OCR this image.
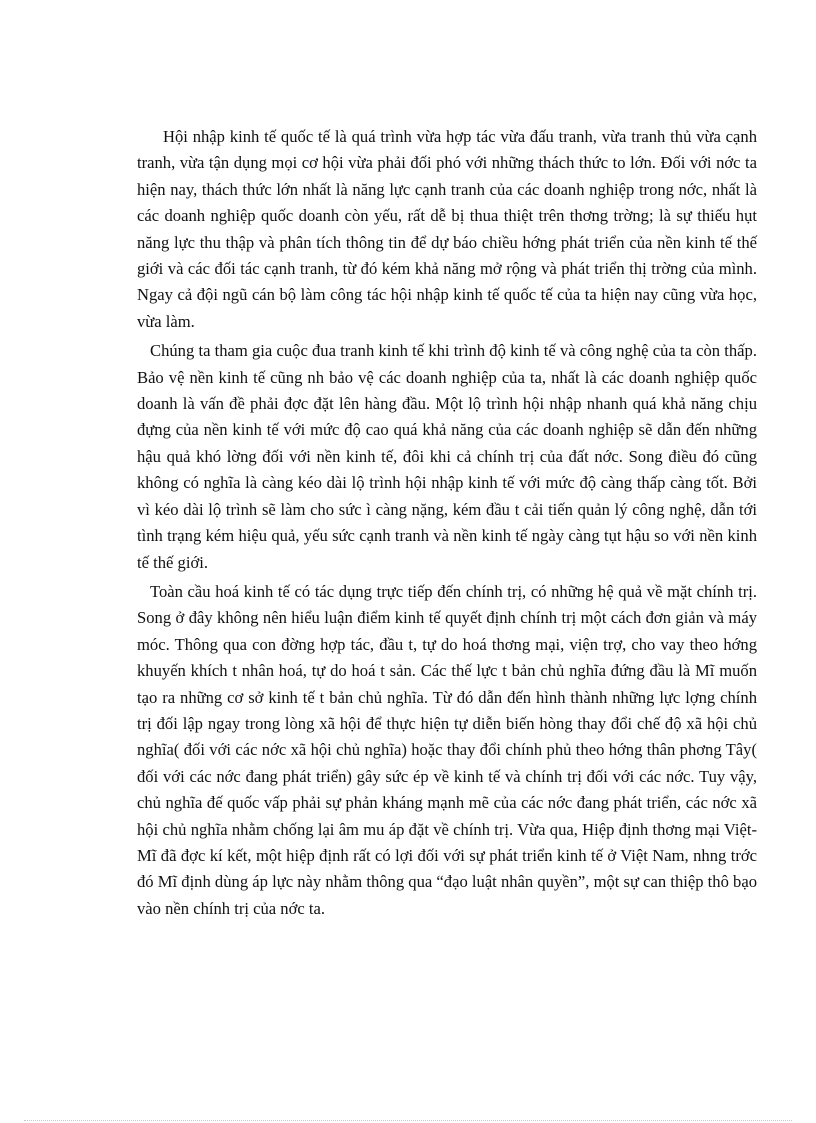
Hội nhập kinh tế quốc tế là quá trình vừa hợp tác vừa đấu tranh, vừa tranh thủ vừa cạnh tranh, vừa tận dụng mọi cơ hội vừa phải đối phó với những thách thức to lớn. Đối với nớc ta hiện nay, thách thức lớn nhất là năng lực cạnh tranh của các doanh nghiệp trong nớc, nhất là các doanh nghiệp quốc doanh còn yếu, rất dễ bị thua thiệt trên thơng trờng; là sự thiếu hụt năng lực thu thập và phân tích thông tin để dự báo chiều hớng phát triển của nền kinh tế thế giới và các đối tác cạnh tranh, từ đó kém khả năng mở rộng và phát triển thị trờng của mình. Ngay cả đội ngũ cán bộ làm công tác hội nhập kinh tế quốc tế của ta hiện nay cũng vừa học, vừa làm.

Chúng ta tham gia cuộc đua tranh kinh tế khi trình độ kinh tế và công nghệ của ta còn thấp. Bảo vệ nền kinh tế cũng nh bảo vệ các doanh nghiệp của ta, nhất là các doanh nghiệp quốc doanh là vấn đề phải đợc đặt lên hàng đầu. Một lộ trình hội nhập nhanh quá khả năng chịu đựng của nền kinh tế với mức độ cao quá khả năng của các doanh nghiệp sẽ dẫn đến những hậu quả khó lờng đối với nền kinh tế, đôi khi cả chính trị của đất nớc. Song điều đó cũng không có nghĩa là càng kéo dài lộ trình hội nhập kinh tế với mức độ càng thấp càng tốt. Bởi vì kéo dài lộ trình sẽ làm cho sức ì càng nặng, kém đầu t cải tiến quản lý công nghệ, dẫn tới tình trạng kém hiệu quả, yếu sức cạnh tranh và nền kinh tế ngày càng tụt hậu so với nền kinh tế thế giới.

Toàn cầu hoá kinh tế có tác dụng trực tiếp đến chính trị, có những hệ quả về mặt chính trị. Song ở đây không nên hiểu luận điểm kinh tế quyết định chính trị một cách đơn giản và máy móc. Thông qua con đờng hợp tác, đầu t, tự do hoá thơng mại, viện trợ, cho vay theo hớng khuyến khích t nhân hoá, tự do hoá t sản. Các thế lực t bản chủ nghĩa đứng đầu là Mĩ muốn tạo ra những cơ sở kinh tế t bản chủ nghĩa. Từ đó dẫn đến hình thành những lực lợng chính trị đối lập ngay trong lòng xã hội để thực hiện tự diễn biến hòng thay đổi chế độ xã hội chủ nghĩa( đối với các nớc xã hội chủ nghĩa) hoặc thay đổi chính phủ theo hớng thân phơng Tây( đối với các nớc đang phát triển) gây sức ép về kinh tế và chính trị đối với các nớc. Tuy vậy, chủ nghĩa đế quốc vấp phải sự phản kháng mạnh mẽ của các nớc đang phát triển, các nớc xã hội chủ nghĩa nhằm chống lại âm mu áp đặt về chính trị. Vừa qua, Hiệp định thơng mại Việt- Mĩ đã đợc kí kết, một hiệp định rất có lợi đối với sự phát triển kinh tế ở Việt Nam, nhng trớc đó Mĩ định dùng áp lực này nhằm thông qua “đạo luật nhân quyền”, một sự can thiệp thô bạo vào nền chính trị của nớc ta.
